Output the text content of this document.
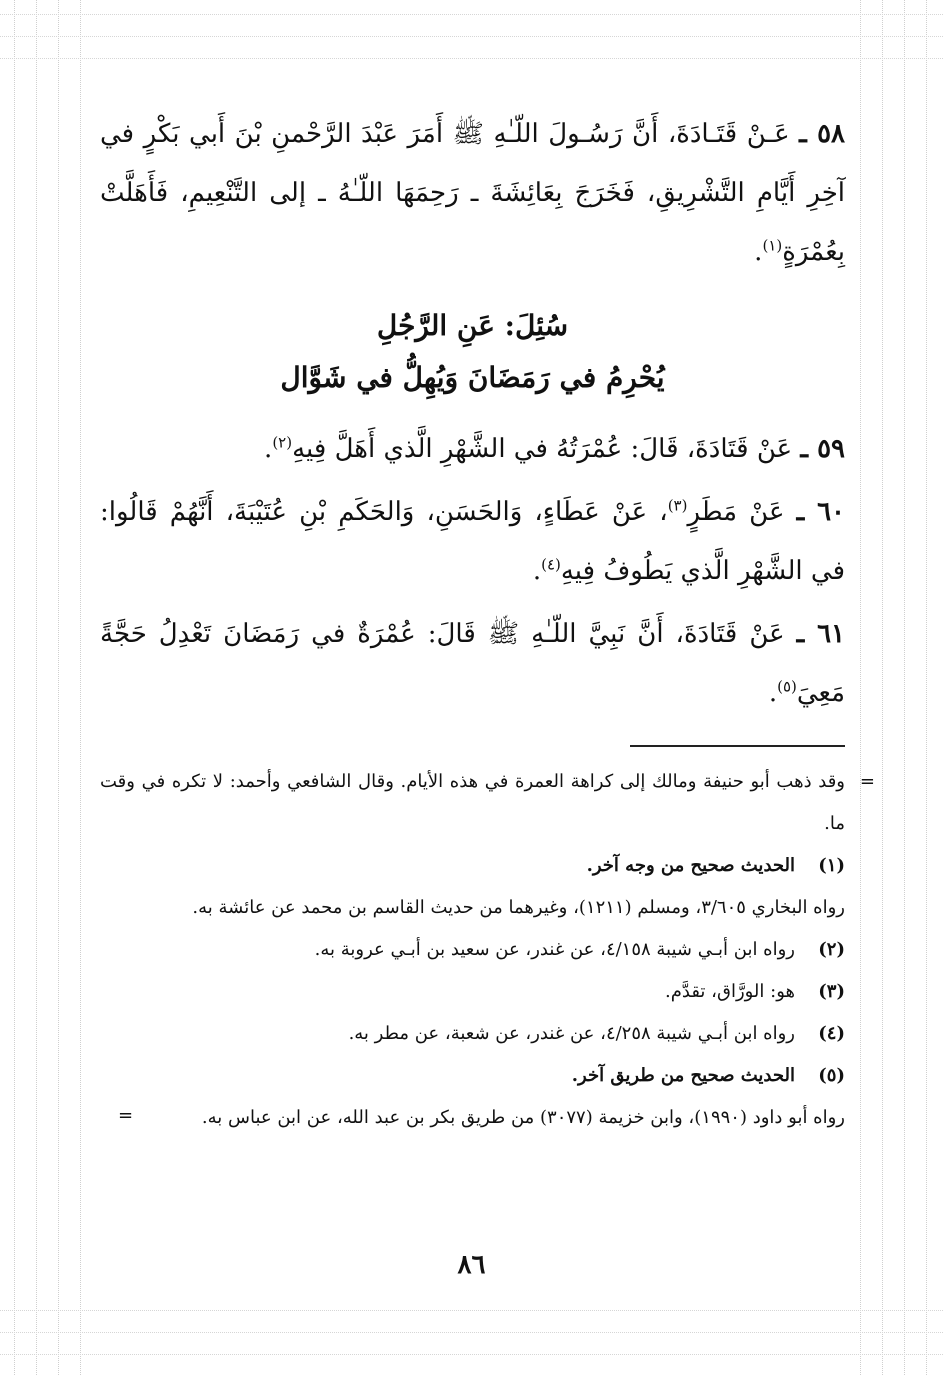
٥٨ ـ عَـنْ قَتَـادَةَ، أَنَّ رَسُـولَ اللّـٰهِ ﷺ أَمَرَ عَبْدَ الرَّحْمنِ بْنَ أَبي بَكْرٍ في آخِرِ أَيَّامِ التَّشْرِيقِ، فَخَرَجَ بِعَائِشَةَ ـ رَحِمَهَا اللّـٰهُ ـ إلى التَّنْعِيمِ، فَأَهَلَّتْ بِعُمْرَةٍ$^{(١)}$.

سُئِلَ: عَنِ الرَّجُلِ

يُحْرِمُ في رَمَضَانَ وَيُهِلُّ في شَوَّال

٥٩ ـ عَنْ قَتَادَةَ، قَالَ: عُمْرَتُهُ في الشَّهْرِ الَّذي أَهَلَّ فِيهِ$^{(٢)}$.

٦٠ ـ عَنْ مَطَرٍ$^{(٣)}$، عَنْ عَطَاءٍ، وَالحَسَنِ، وَالحَكَمِ بْنِ عُتَيْبَةَ، أَنَّهُمْ قَالُوا: في الشَّهْرِ الَّذي يَطُوفُ فِيهِ$^{(٤)}$.

٦١ ـ عَنْ قَتَادَةَ، أَنَّ نَبِيَّ اللّـٰهِ ﷺ قَالَ: عُمْرَةٌ في رَمَضَانَ تَعْدِلُ حَجَّةً مَعِيَ$^{(٥)}$.

=

وقد ذهب أبو حنيفة ومالك إلى كراهة العمرة في هذه الأيام. وقال الشافعي وأحمد: لا تكره في وقت ما.

(١)
الحديث صحيح من وجه آخر.
رواه البخاري ٣/٦٠٥، ومسلم (١٢١١)، وغيرهما من حديث القاسم بن محمد عن عائشة به.
(٢)
رواه ابن أبـي شيبة ٤/١٥٨، عن غندر، عن سعيد بن أبـي عروبة به.
(٣)
هو: الورَّاق، تقدَّم.
(٤)
رواه ابن أبـي شيبة ٤/٢٥٨، عن غندر، عن شعبة، عن مطر به.
(٥)
الحديث صحيح من طريق آخر.
رواه أبو داود (١٩٩٠)، وابن خزيمة (٣٠٧٧) من طريق بكر بن عبد الله، عن ابن عباس به.
=
٨٦
